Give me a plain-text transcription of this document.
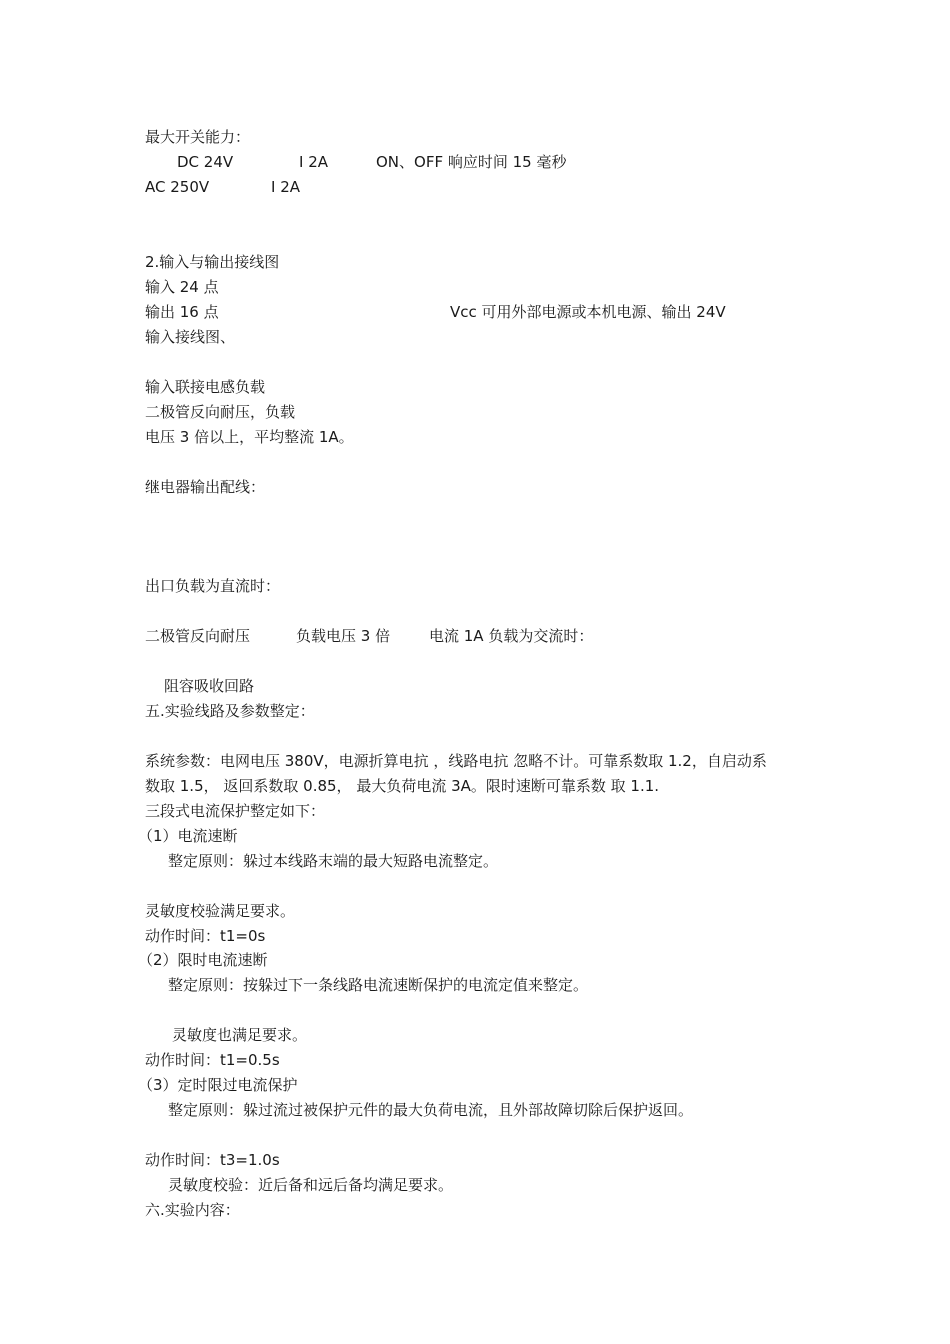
最大开关能力：
DC 24V	I 2A	ON、OFF 响应时间 15 毫秒
AC 250V	I 2A
2.输入与输出接线图
输入 24 点
输出 16 点	Vcc 可用外部电源或本机电源、输出 24V
输入接线图、
输入联接电感负载
二极管反向耐压，负载
电压 3 倍以上，平均整流 1A。
继电器输出配线：
出口负载为直流时：
二极管反向耐压	负载电压 3 倍	电流 1A 负载为交流时：
阻容吸收回路
五.实验线路及参数整定：
系统参数：电网电压 380V，电源折算电抗 ，线路电抗 忽略不计。可靠系数取 1.2，自启动系
数取 1.5， 返回系数取 0.85， 最大负荷电流 3A。限时速断可靠系数 取 1.1.
三段式电流保护整定如下：
（1）电流速断
整定原则：躲过本线路末端的最大短路电流整定。
灵敏度校验满足要求。
动作时间：t1=0s
（2）限时电流速断
整定原则：按躲过下一条线路电流速断保护的电流定值来整定。
灵敏度也满足要求。
动作时间：t1=0.5s
（3）定时限过电流保护
整定原则：躲过流过被保护元件的最大负荷电流，且外部故障切除后保护返回。
动作时间：t3=1.0s
灵敏度校验：近后备和远后备均满足要求。
六.实验内容：
